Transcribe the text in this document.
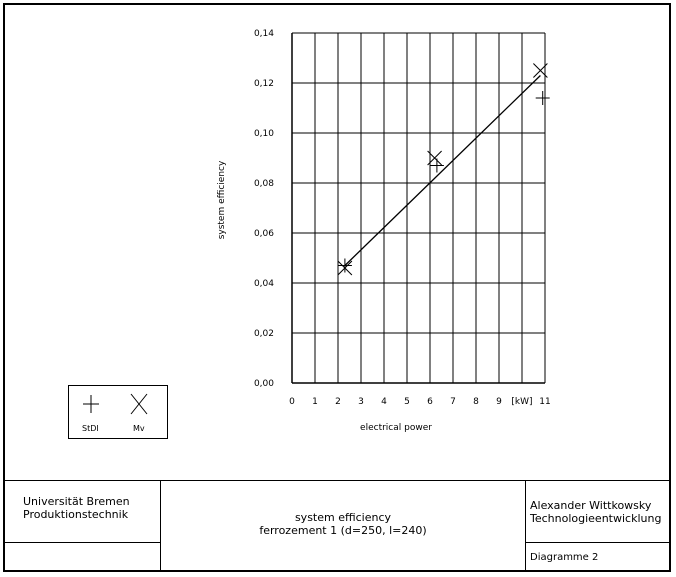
0 1 2 3 4 5 6 7 8 9 [kW] 11
0,00
0,02
0,04
0,06
0,08
0,10
0,12
0,14
electrical power
system efficiency
StDI	Mv
Universität Bremen
Produktionstechnik	system efficiency
ferrozement 1 (d=250, l=240)
Alexander Wittkowsky
Technologieentwicklung
Diagramme 2
